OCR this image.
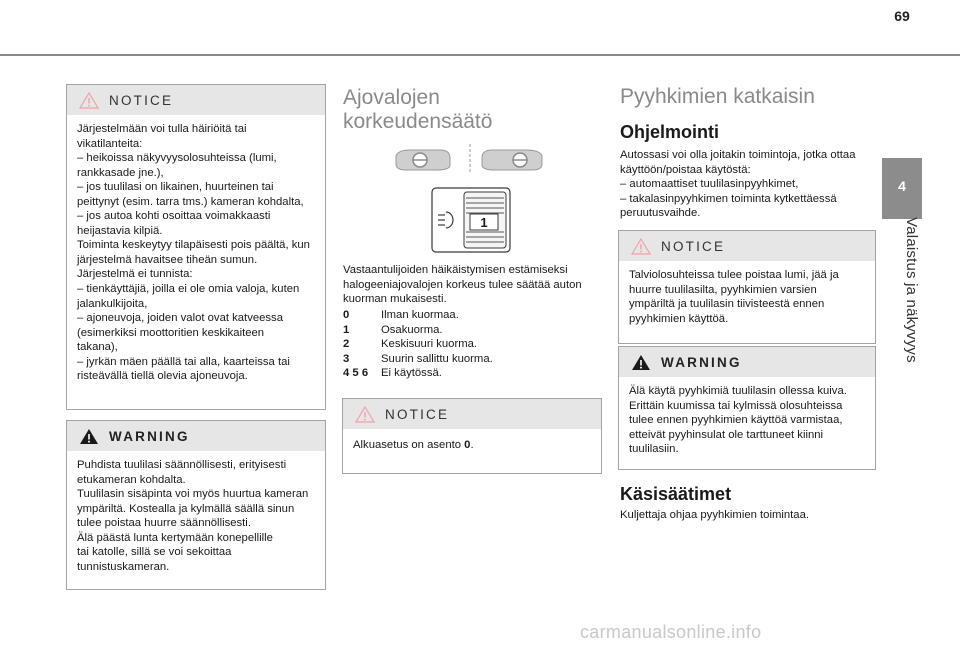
69
4
Valaistus ja näkyvyys
NOTICE
Järjestelmään voi tulla häiriöitä tai
vikatilanteita:
– heikoissa näkyvyysolosuhteissa (lumi,
rankkasade jne.),
– jos tuulilasi on likainen, huurteinen tai
peittynyt (esim. tarra tms.) kameran kohdalta,
– jos autoa kohti osoittaa voimakkaasti
heijastavia kilpiä.
Toiminta keskeytyy tilapäisesti pois päältä, kun
järjestelmä havaitsee tiheän sumun.
Järjestelmä ei tunnista:
– tienkäyttäjiä, joilla ei ole omia valoja, kuten
jalankulkijoita,
– ajoneuvoja, joiden valot ovat katveessa
(esimerkiksi moottoritien keskikaiteen
takana),
– jyrkän mäen päällä tai alla, kaarteissa tai
risteävällä tiellä olevia ajoneuvoja.
WARNING
Puhdista tuulilasi säännöllisesti, erityisesti
etukameran kohdalta.
Tuulilasin sisäpinta voi myös huurtua kameran
ympäriltä. Kostealla ja kylmällä säällä sinun
tulee poistaa huurre säännöllisesti.
Älä päästä lunta kertymään konepellille
tai katolle, sillä se voi sekoittaa
tunnistuskameran.
Ajovalojen
korkeudensäätö
1
Vastaantulijoiden häikäistymisen estämiseksi
halogeeniajovalojen korkeus tulee säätää auton
kuorman mukaisesti.
0	Ilman kuormaa.
1	Osakuorma.
2	Keskisuuri kuorma.
3	Suurin sallittu kuorma.
4 5 6	Ei käytössä.
NOTICE
Alkuasetus on asento 0.
Pyyhkimien katkaisin
Ohjelmointi
Autossasi voi olla joitakin toimintoja, jotka ottaa
käyttöön/poistaa käytöstä:
– automaattiset tuulilasinpyyhkimet,
– takalasinpyyhkimen toiminta kytkettäessä
peruutusvaihde.
NOTICE
Talviolosuhteissa tulee poistaa lumi, jää ja
huurre tuulilasilta, pyyhkimien varsien
ympäriltä ja tuulilasin tiivisteestä ennen
pyyhkimien käyttöä.
WARNING
Älä käytä pyyhkimiä tuulilasin ollessa kuiva.
Erittäin kuumissa tai kylmissä olosuhteissa
tulee ennen pyyhkimien käyttöä varmistaa,
etteivät pyyhinsulat ole tarttuneet kiinni
tuulilasiin.
Käsisäätimet
Kuljettaja ohjaa pyyhkimien toimintaa.
carmanualsonline.info
